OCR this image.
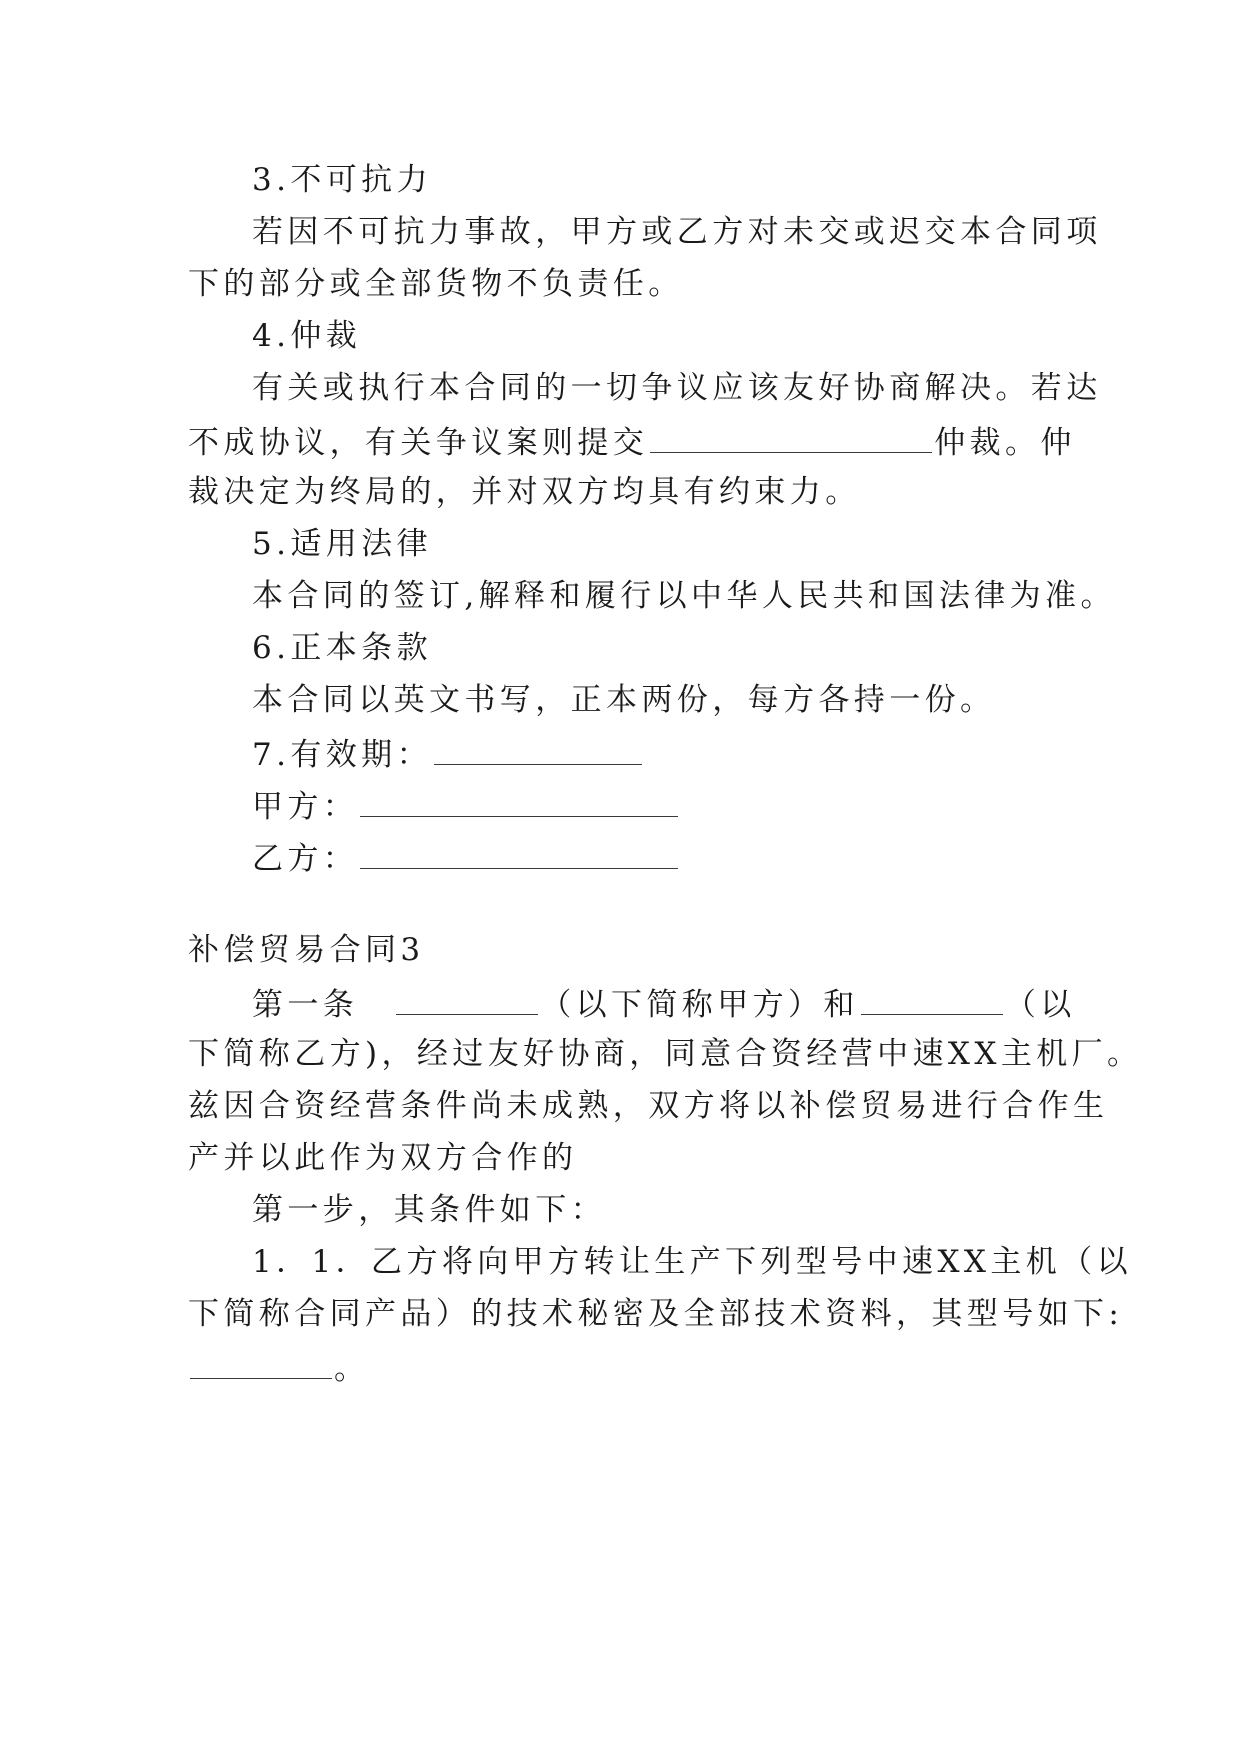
3.不可抗力
若因不可抗力事故，甲方或乙方对未交或迟交本合同项
下的部分或全部货物不负责任。
4.仲裁
有关或执行本合同的一切争议应该友好协商解决。若达
不成协议，有关争议案则提交	仲裁。仲
裁决定为终局的，并对双方均具有约束力。
5.适用法律
本合同的签订,解释和履行以中华人民共和国法律为准。
6.正本条款
本合同以英文书写，正本两份，每方各持一份。
7.有效期：
甲方：
乙方：
补偿贸易合同3
第一条	（以下简称甲方）和	（以
下简称乙方)，经过友好协商，同意合资经营中速XX主机厂。
兹因合资经营条件尚未成熟，双方将以补偿贸易进行合作生
产并以此作为双方合作的
第一步，其条件如下：
1．1．乙方将向甲方转让生产下列型号中速XX主机（以
下简称合同产品）的技术秘密及全部技术资料，其型号如下:
。
